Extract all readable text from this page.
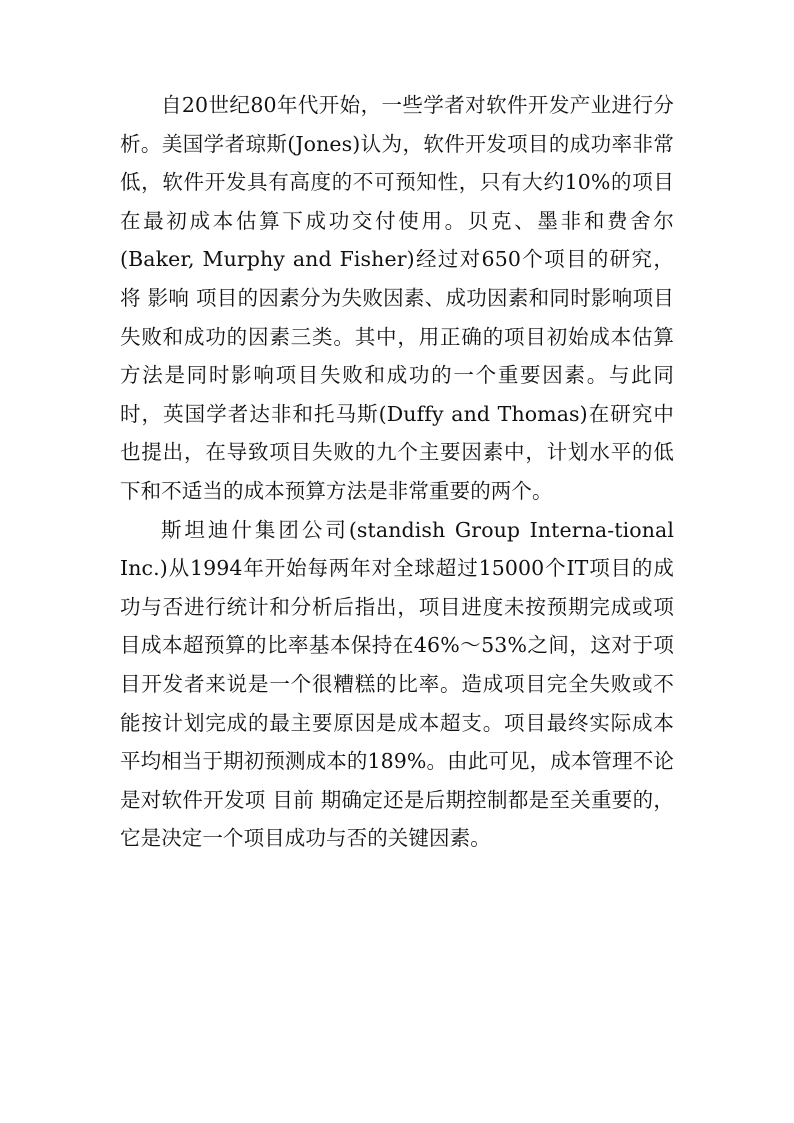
自20世纪80年代开始，一些学者对软件开发产业进行分析。美国学者琼斯(Jones)认为，软件开发项目的成功率非常低，软件开发具有高度的不可预知性，只有大约10%的项目在最初成本估算下成功交付使用。贝克、墨非和费舍尔(Baker, Murphy and Fisher)经过对650个项目的研究，将 影响 项目的因素分为失败因素、成功因素和同时影响项目失败和成功的因素三类。其中，用正确的项目初始成本估算方法是同时影响项目失败和成功的一个重要因素。与此同时，英国学者达非和托马斯(Duffy and Thomas)在研究中也提出，在导致项目失败的九个主要因素中，计划水平的低下和不适当的成本预算方法是非常重要的两个。

斯坦迪什集团公司(standish Group Interna-tional Inc.)从1994年开始每两年对全球超过15000个IT项目的成功与否进行统计和分析后指出，项目进度未按预期完成或项目成本超预算的比率基本保持在46%～53%之间，这对于项目开发者来说是一个很糟糕的比率。造成项目完全失败或不能按计划完成的最主要原因是成本超支。项目最终实际成本平均相当于期初预测成本的189%。由此可见，成本管理不论是对软件开发项 目前 期确定还是后期控制都是至关重要的，它是决定一个项目成功与否的关键因素。
